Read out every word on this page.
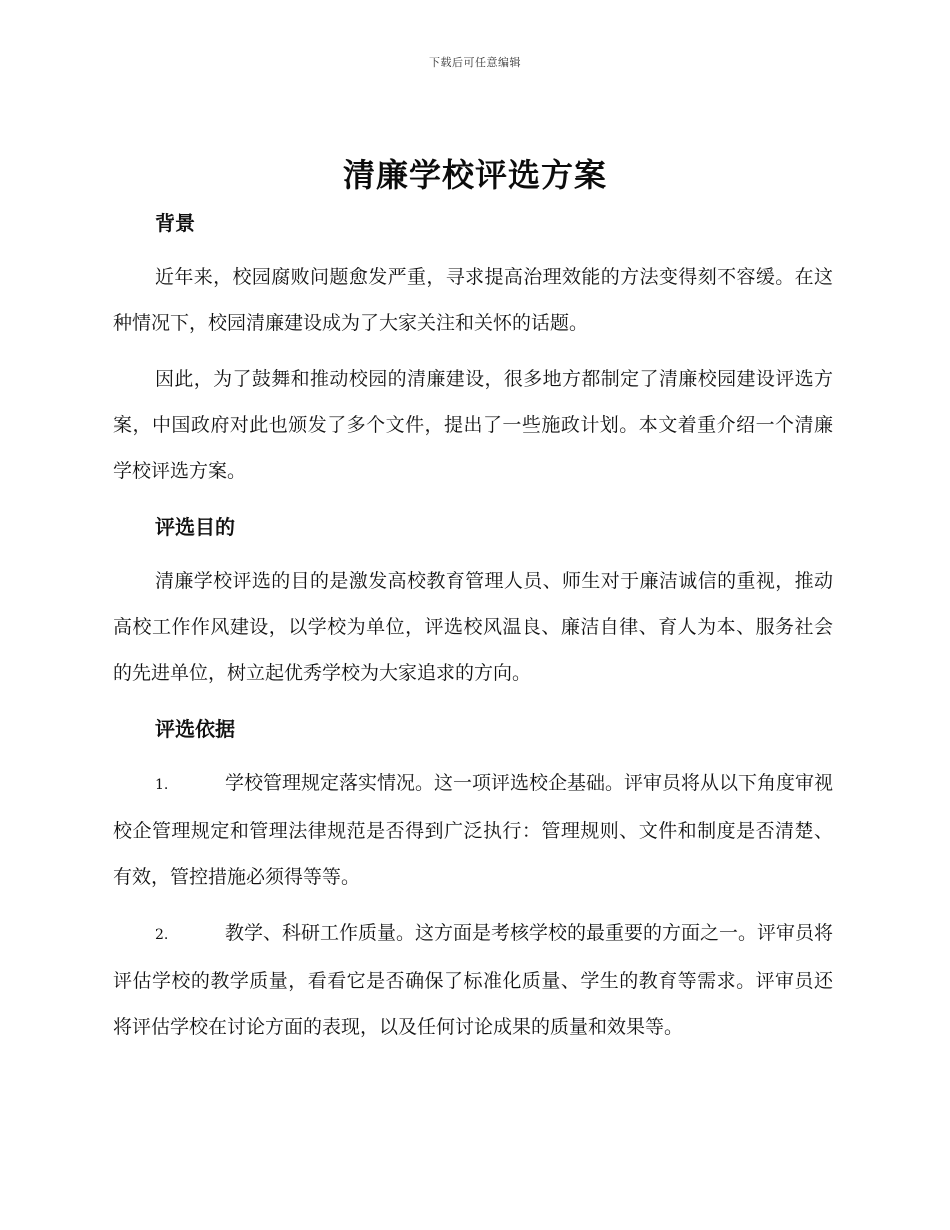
下载后可任意编辑
清廉学校评选方案
背景

近年来，校园腐败问题愈发严重，寻求提高治理效能的方法变得刻不容缓。在这种情况下，校园清廉建设成为了大家关注和关怀的话题。

因此，为了鼓舞和推动校园的清廉建设，很多地方都制定了清廉校园建设评选方案，中国政府对此也颁发了多个文件，提出了一些施政计划。本文着重介绍一个清廉学校评选方案。

评选目的

清廉学校评选的目的是激发高校教育管理人员、师生对于廉洁诚信的重视，推动高校工作作风建设，以学校为单位，评选校风温良、廉洁自律、育人为本、服务社会的先进单位，树立起优秀学校为大家追求的方向。

评选依据

1.	学校管理规定落实情况。这一项评选校企基础。评审员将从以下角度审视校企管理规定和管理法律规范是否得到广泛执行：管理规则、文件和制度是否清楚、有效，管控措施必须得等等。

2.	教学、科研工作质量。这方面是考核学校的最重要的方面之一。评审员将评估学校的教学质量，看看它是否确保了标准化质量、学生的教育等需求。评审员还将评估学校在讨论方面的表现，以及任何讨论成果的质量和效果等。
